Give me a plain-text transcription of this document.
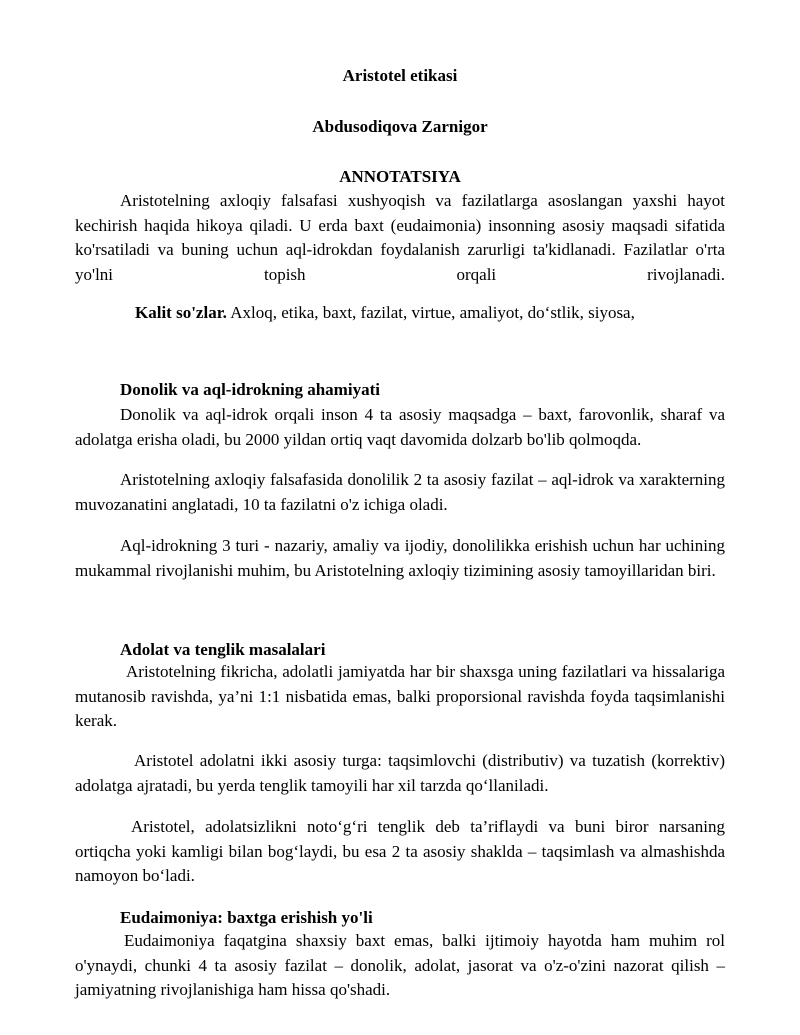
Aristotel etikasi
Abdusodiqova Zarnigor
ANNOTATSIYA

Aristotelning axloqiy falsafasi xushyoqish va fazilatlarga asoslangan yaxshi hayot kechirish haqida hikoya qiladi. U erda baxt (eudaimonia) insonning asosiy maqsadi sifatida ko'rsatiladi va buning uchun aql-idrokdan foydalanish zarurligi ta'kidlanadi. Fazilatlar o'rta yo'lni topish orqali rivojlanadi.

Kalit so'zlar. Axloq, etika, baxt, fazilat, virtue, amaliyot, do‘stlik, siyosa,

Donolik va aql-idrokning ahamiyati

Donolik va aql-idrok orqali inson 4 ta asosiy maqsadga – baxt, farovonlik, sharaf va adolatga erisha oladi, bu 2000 yildan ortiq vaqt davomida dolzarb bo'lib qolmoqda.

Aristotelning axloqiy falsafasida donolilik 2 ta asosiy fazilat – aql-idrok va xarakterning muvozanatini anglatadi, 10 ta fazilatni o'z ichiga oladi.

Aql-idrokning 3 turi - nazariy, amaliy va ijodiy, donolilikka erishish uchun har uchining mukammal rivojlanishi muhim, bu Aristotelning axloqiy tizimining asosiy tamoyillaridan biri.

Adolat va tenglik masalalari

Aristotelning fikricha, adolatli jamiyatda har bir shaxsga uning fazilatlari va hissalariga mutanosib ravishda, ya’ni 1:1 nisbatida emas, balki proporsional ravishda foyda taqsimlanishi kerak.

Aristotel adolatni ikki asosiy turga: taqsimlovchi (distributiv) va tuzatish (korrektiv) adolatga ajratadi, bu yerda tenglik tamoyili har xil tarzda qo‘llaniladi.

Aristotel, adolatsizlikni noto‘g‘ri tenglik deb ta’riflaydi va buni biror narsaning ortiqcha yoki kamligi bilan bog‘laydi, bu esa 2 ta asosiy shaklda – taqsimlash va almashishda namoyon bo‘ladi.

Eudaimoniya: baxtga erishish yo'li

Eudaimoniya faqatgina shaxsiy baxt emas, balki ijtimoiy hayotda ham muhim rol o'ynaydi, chunki 4 ta asosiy fazilat – donolik, adolat, jasorat va o'z-o'zini nazorat qilish – jamiyatning rivojlanishiga ham hissa qo'shadi.
